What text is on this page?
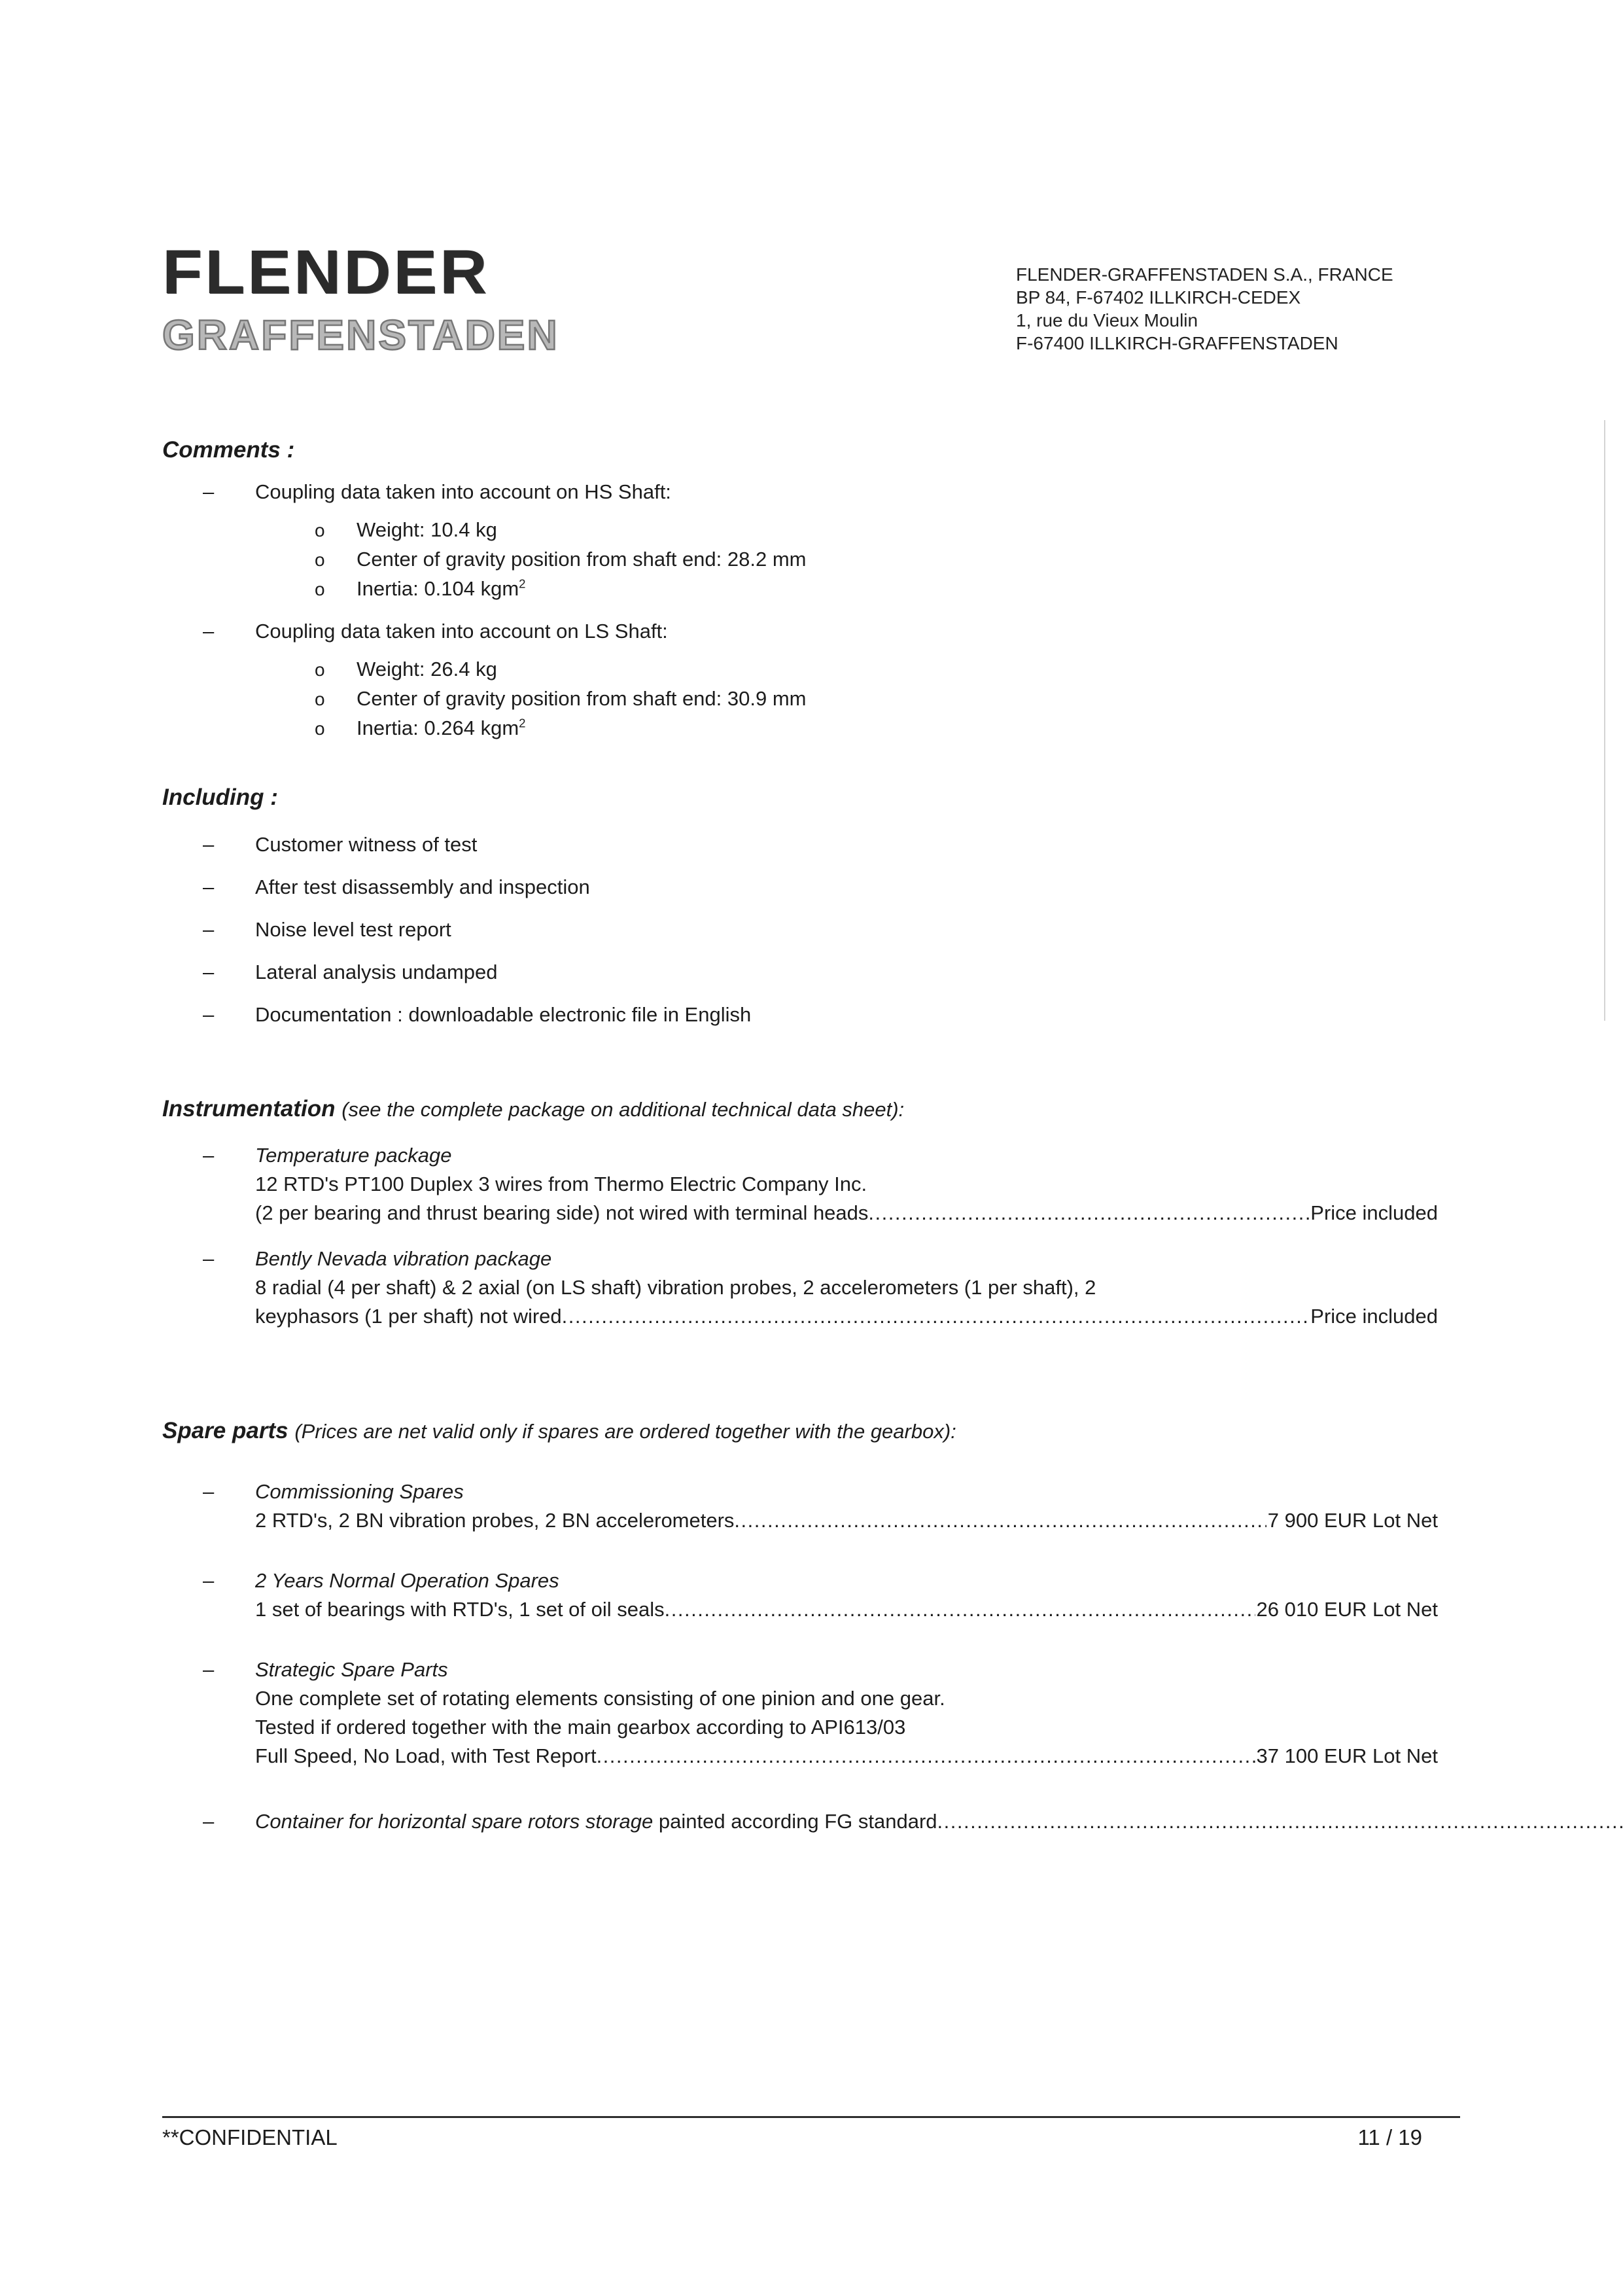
FLENDER
GRAFFENSTADEN
FLENDER-GRAFFENSTADEN S.A., FRANCE
BP 84, F-67402 ILLKIRCH-CEDEX
1, rue du Vieux Moulin
F-67400 ILLKIRCH-GRAFFENSTADEN
Comments :
–	Coupling data taken into account on HS Shaft:
o	Weight: 10.4 kg
o	Center of gravity position from shaft end: 28.2 mm
o	Inertia: 0.104 kgm$^2$
–	Coupling data taken into account on LS Shaft:
o	Weight: 26.4 kg
o	Center of gravity position from shaft end: 30.9 mm
o	Inertia: 0.264 kgm$^2$
Including :
–	Customer witness of test
–	After test disassembly and inspection
–	Noise level test report
–	Lateral analysis undamped
–	Documentation : downloadable electronic file in English
Instrumentation (see the complete package on additional technical data sheet):
–	Temperature package
12 RTD's PT100 Duplex 3 wires from Thermo Electric Company Inc.
(2 per bearing and thrust bearing side) not wired with terminal heads .....	Price included
–	Bently Nevada vibration package
8 radial (4 per shaft) & 2 axial (on LS shaft) vibration probes, 2 accelerometers (1 per shaft), 2
keyphasors (1 per shaft) not wired .....	Price included
Spare parts (Prices are net valid only if spares are ordered together with the gearbox):
–	Commissioning Spares
2 RTD's, 2 BN vibration probes, 2 BN accelerometers .....	7 900 EUR Lot Net
–	2 Years Normal Operation Spares
1 set of bearings with RTD's, 1 set of oil seals .....	26 010 EUR Lot Net
–	Strategic Spare Parts
One complete set of rotating elements consisting of one pinion and one gear.
Tested if ordered together with the main gearbox according to API613/03
Full Speed, No Load, with Test Report .....	37 100 EUR Lot Net
–	Container for horizontal spare rotors storage painted according FG standard
.....
**CONFIDENTIAL	11 / 19
